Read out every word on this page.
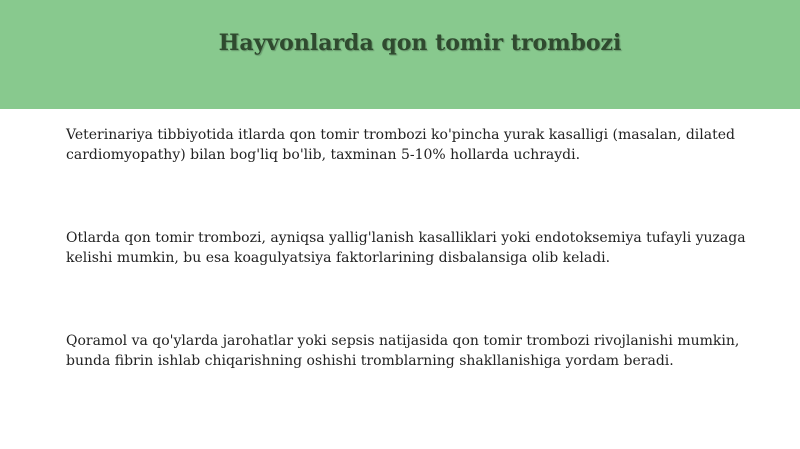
Hayvonlarda qon tomir trombozi

Veterinariya tibbiyotida itlarda qon tomir trombozi ko'pincha yurak kasalligi (masalan, dilated cardiomyopathy) bilan bog'liq bo'lib, taxminan 5-10% hollarda uchraydi.

Otlarda qon tomir trombozi, ayniqsa yallig'lanish kasalliklari yoki endotoksemiya tufayli yuzaga kelishi mumkin, bu esa koagulyatsiya faktorlarining disbalansiga olib keladi.

Qoramol va qo'ylarda jarohatlar yoki sepsis natijasida qon tomir trombozi rivojlanishi mumkin, bunda fibrin ishlab chiqarishning oshishi tromblarning shakllanishiga yordam beradi.
